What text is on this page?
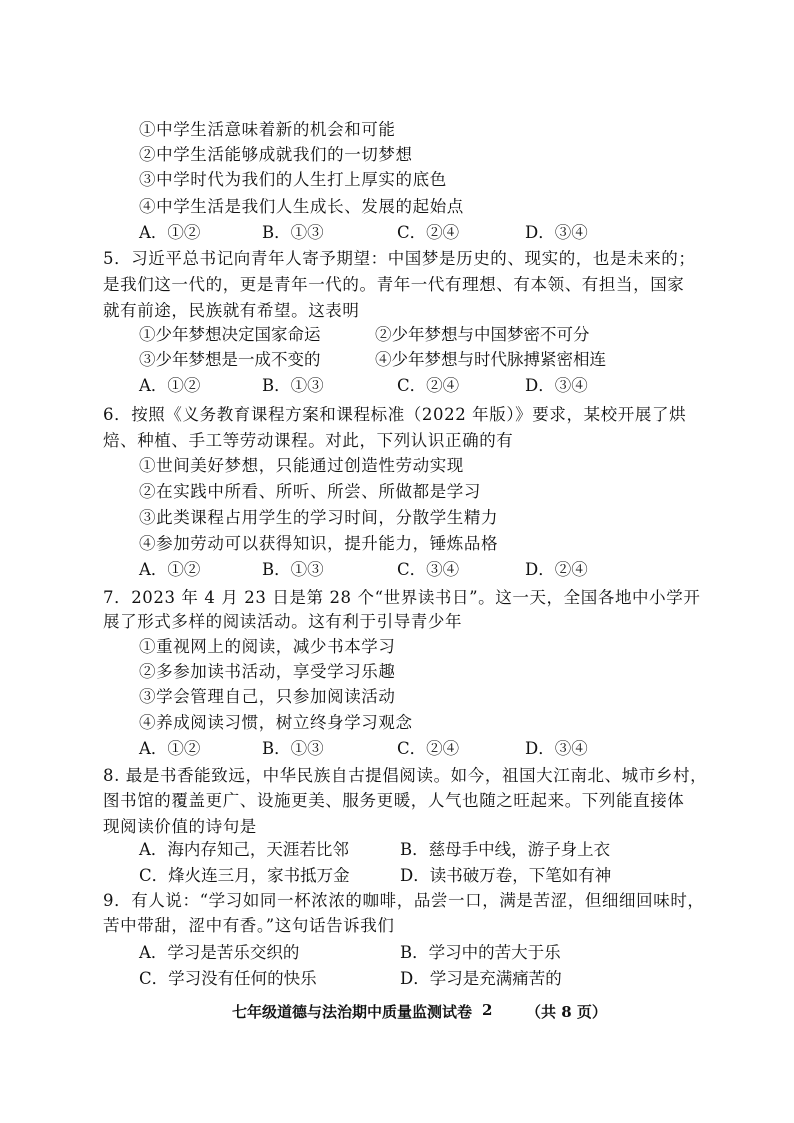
①中学生活意味着新的机会和可能
②中学生活能够成就我们的一切梦想
③中学时代为我们的人生打上厚实的底色
④中学生活是我们人生成长、发展的起始点
A．①②	B．①③	C．②④	D．③④
5．习近平总书记向青年人寄予期望：中国梦是历史的、现实的，也是未来的；
是我们这一代的，更是青年一代的。青年一代有理想、有本领、有担当，国家
就有前途，民族就有希望。这表明
①少年梦想决定国家命运	②少年梦想与中国梦密不可分
③少年梦想是一成不变的	④少年梦想与时代脉搏紧密相连
A．①②	B．①③	C．②④	D．③④
6．按照《义务教育课程方案和课程标准（2022 年版）》要求，某校开展了烘
焙、种植、手工等劳动课程。对此，下列认识正确的有
①世间美好梦想，只能通过创造性劳动实现
②在实践中所看、所听、所尝、所做都是学习
③此类课程占用学生的学习时间，分散学生精力
④参加劳动可以获得知识，提升能力，锤炼品格
A．①②	B．①③	C．③④	D．②④
7．2023 年 4 月 23 日是第 28 个“世界读书日”。这一天，全国各地中小学开
展了形式多样的阅读活动。这有利于引导青少年
①重视网上的阅读，减少书本学习
②多参加读书活动，享受学习乐趣
③学会管理自己，只参加阅读活动
④养成阅读习惯，树立终身学习观念
A．①②	B．①③	C．②④	D．③④
8. 最是书香能致远，中华民族自古提倡阅读。如今，祖国大江南北、城市乡村，
图书馆的覆盖更广、设施更美、服务更暖，人气也随之旺起来。下列能直接体
现阅读价值的诗句是
A．海内存知己，天涯若比邻	B．慈母手中线，游子身上衣
C．烽火连三月，家书抵万金	D．读书破万卷，下笔如有神
9．有人说：“学习如同一杯浓浓的咖啡，品尝一口，满是苦涩，但细细回味时，
苦中带甜，涩中有香。”这句话告诉我们
A．学习是苦乐交织的	B．学习中的苦大于乐
C．学习没有任何的快乐	D．学习是充满痛苦的
七年级道德与法治期中质量监测试卷 2 （共 8 页）
